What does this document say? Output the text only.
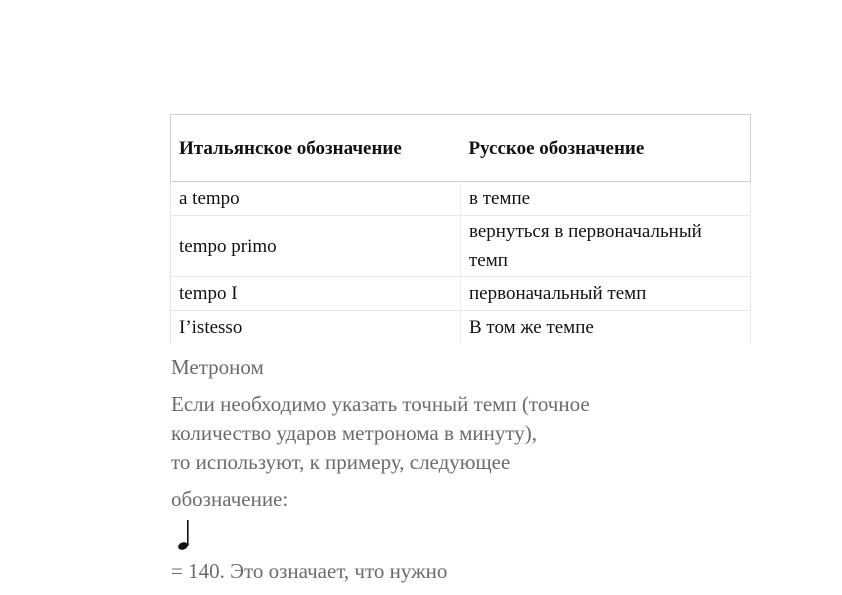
Итальянское обозначение	Русское обозначение
a tempo	в темпе
tempo primo	вернуться в первоначальный темп
tempo I	первоначальный темп
I’istesso	В том же темпе
Метроном

Если необходимо указать точный темп (точное
количество ударов метронома в минуту),
то используют, к примеру, следующее
обозначение:
= 140. Это означает, что нужно
